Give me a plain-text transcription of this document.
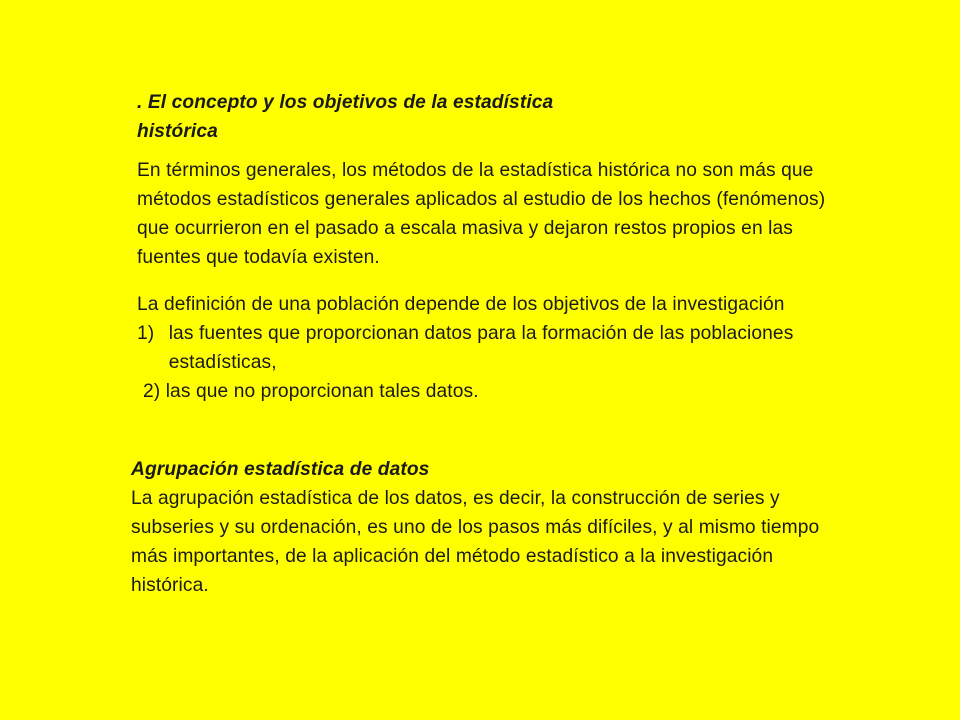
. El concepto y los objetivos de la estadística
histórica

En términos generales, los métodos de la estadística histórica no son más que métodos estadísticos generales aplicados al estudio de los hechos (fenómenos) que ocurrieron en el pasado a escala masiva y dejaron restos propios en las fuentes que todavía existen.

La definición de una población depende de los objetivos de la investigación
1) las fuentes que proporcionan datos para la formación de las poblaciones estadísticas,
2) las que no proporcionan tales datos.
Agrupación estadística de datos
La agrupación estadística de los datos, es decir, la construcción de series y subseries y su ordenación, es uno de los pasos más difíciles, y al mismo tiempo más importantes, de la aplicación del método estadístico a la investigación histórica.
